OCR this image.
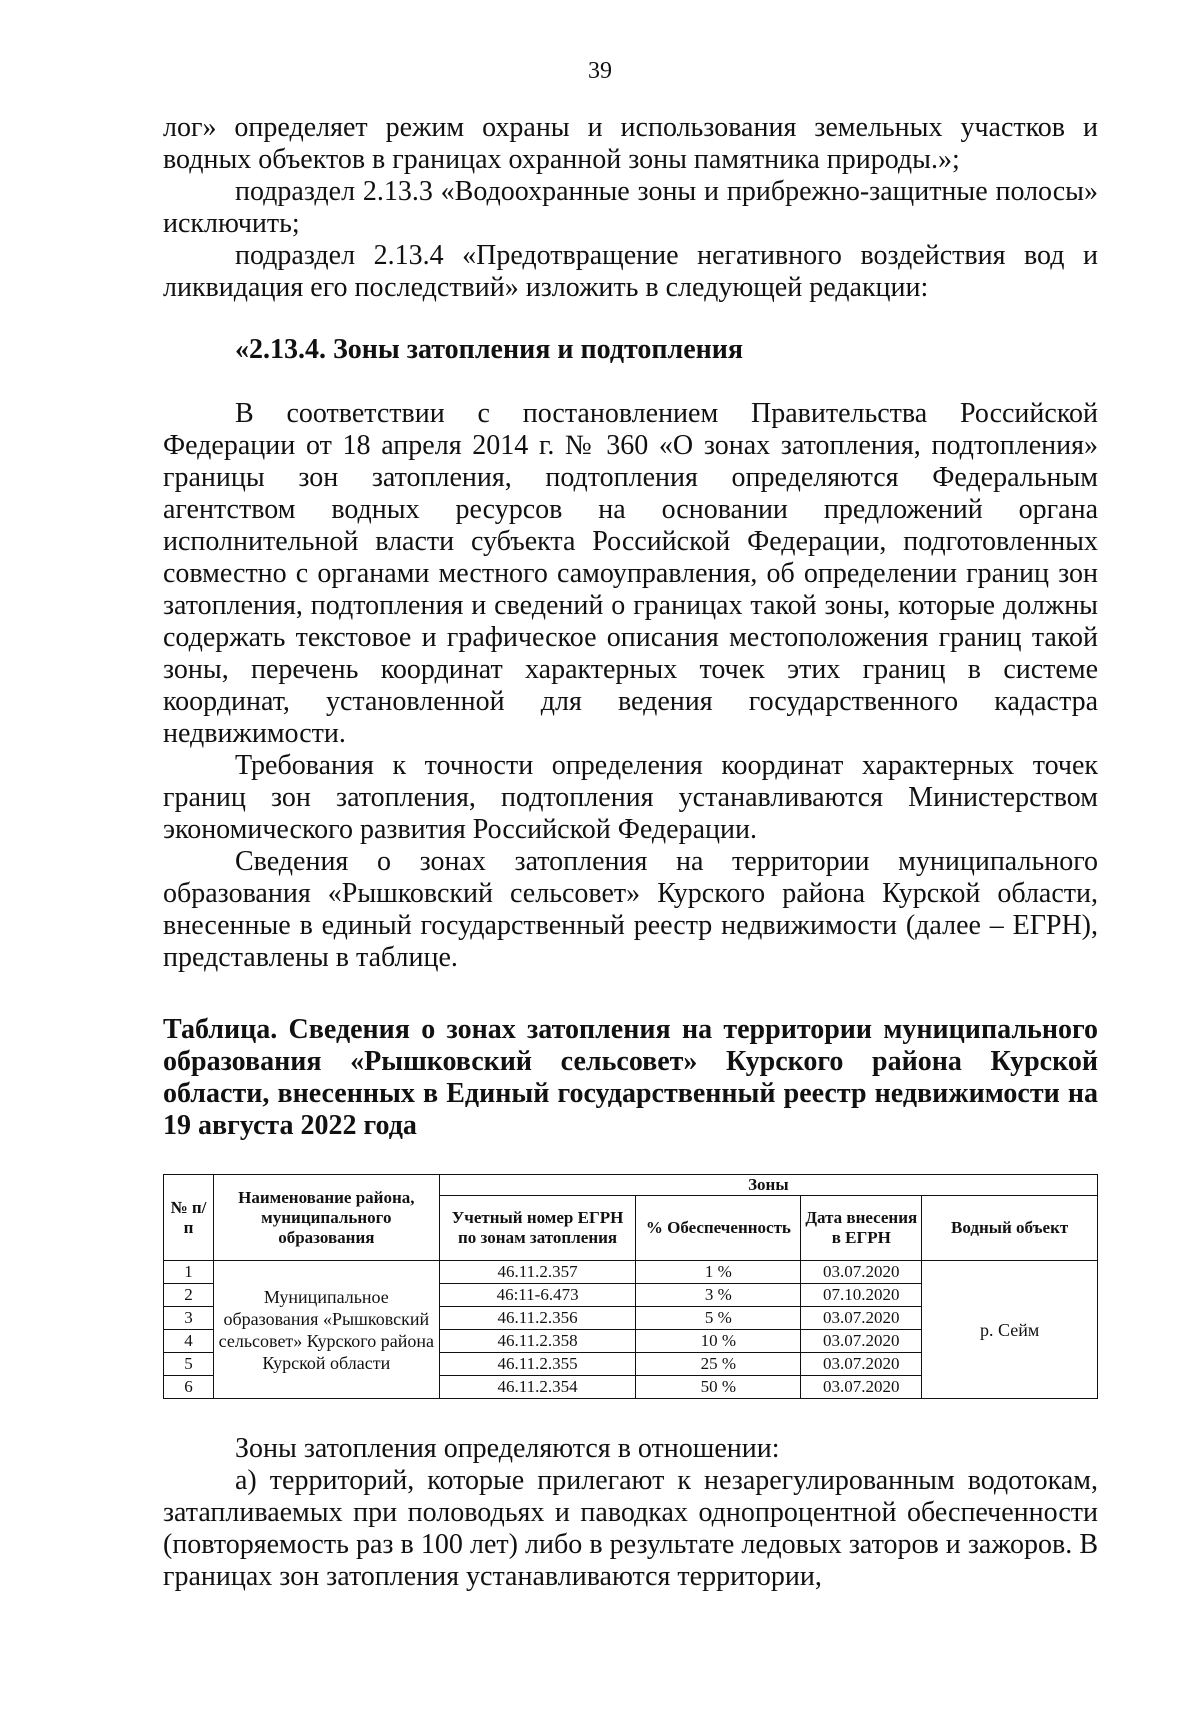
39

лог» определяет режим охраны и использования земельных участков и водных объектов в границах охранной зоны памятника природы.»;

подраздел 2.13.3 «Водоохранные зоны и прибрежно-защитные полосы» исключить;

подраздел 2.13.4 «Предотвращение негативного воздействия вод и ликвидация его последствий» изложить в следующей редакции:

«2.13.4. Зоны затопления и подтопления

В соответствии с постановлением Правительства Российской Федерации от 18 апреля 2014 г. № 360 «О зонах затопления, подтопления» границы зон затопления, подтопления определяются Федеральным агентством водных ресурсов на основании предложений органа исполнительной власти субъекта Российской Федерации, подготовленных совместно с органами местного самоуправления, об определении границ зон затопления, подтопления и сведений о границах такой зоны, которые должны содержать текстовое и графическое описания местоположения границ такой зоны, перечень координат характерных точек этих границ в системе координат, установленной для ведения государственного кадастра недвижимости.

Требования к точности определения координат характерных точек границ зон затопления, подтопления устанавливаются Министерством экономического развития Российской Федерации.

Сведения о зонах затопления на территории муниципального образования «Рышковский сельсовет» Курского района Курской области, внесенные в единый государственный реестр недвижимости (далее – ЕГРН), представлены в таблице.

Таблица. Сведения о зонах затопления на территории муниципального образования «Рышковский сельсовет» Курского района Курской области, внесенных в Единый государственный реестр недвижимости на 19 августа 2022 года
№ п/п	Наименование района, муниципального образования	Зоны			
		Учетный номер ЕГРН по зонам затопления	% Обеспеченность	Дата внесения в ЕГРН	Водный объект
1	Муниципальное образования «Рышковский сельсовет» Курского района Курской области	46.11.2.357	1 %	03.07.2020	р. Сейм
2		46:11-6.473	3 %	07.10.2020	
3		46.11.2.356	5 %	03.07.2020	
4		46.11.2.358	10 %	03.07.2020	
5		46.11.2.355	25 %	03.07.2020	
6		46.11.2.354	50 %	03.07.2020	

Зоны затопления определяются в отношении:

а) территорий, которые прилегают к незарегулированным водотокам, затапливаемых при половодьях и паводках однопроцентной обеспеченности (повторяемость раз в 100 лет) либо в результате ледовых заторов и зажоров. В границах зон затопления устанавливаются территории,
